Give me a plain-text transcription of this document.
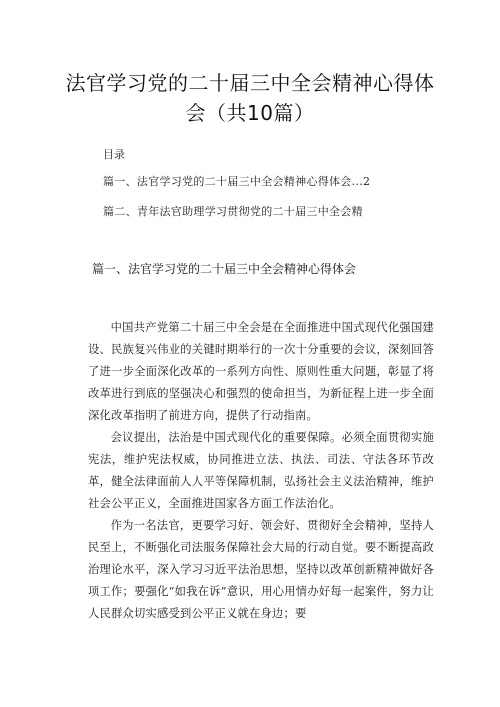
法官学习党的二十届三中全会精神心得体会（共10篇）

目录

篇一、法官学习党的二十届三中全会精神心得体会...2
篇二、青年法官助理学习贯彻党的二十届三中全会精
篇一、法官学习党的二十届三中全会精神心得体会

中国共产党第二十届三中全会是在全面推进中国式现代化强国建设、民族复兴伟业的关键时期举行的一次十分重要的会议，深刻回答了进一步全面深化改革的一系列方向性、原则性重大问题，彰显了将改革进行到底的坚强决心和强烈的使命担当，为新征程上进一步全面深化改革指明了前进方向，提供了行动指南。

会议提出，法治是中国式现代化的重要保障。必须全面贯彻实施宪法，维护宪法权威，协同推进立法、执法、司法、守法各环节改革，健全法律面前人人平等保障机制，弘扬社会主义法治精神，维护社会公平正义，全面推进国家各方面工作法治化。

作为一名法官，更要学习好、领会好、贯彻好全会精神，坚持人民至上，不断强化司法服务保障社会大局的行动自觉。要不断提高政治理论水平，深入学习习近平法治思想，坚持以改革创新精神做好各项工作；要强化“如我在诉”意识，用心用情办好每一起案件，努力让人民群众切实感受到公平正义就在身边；要
